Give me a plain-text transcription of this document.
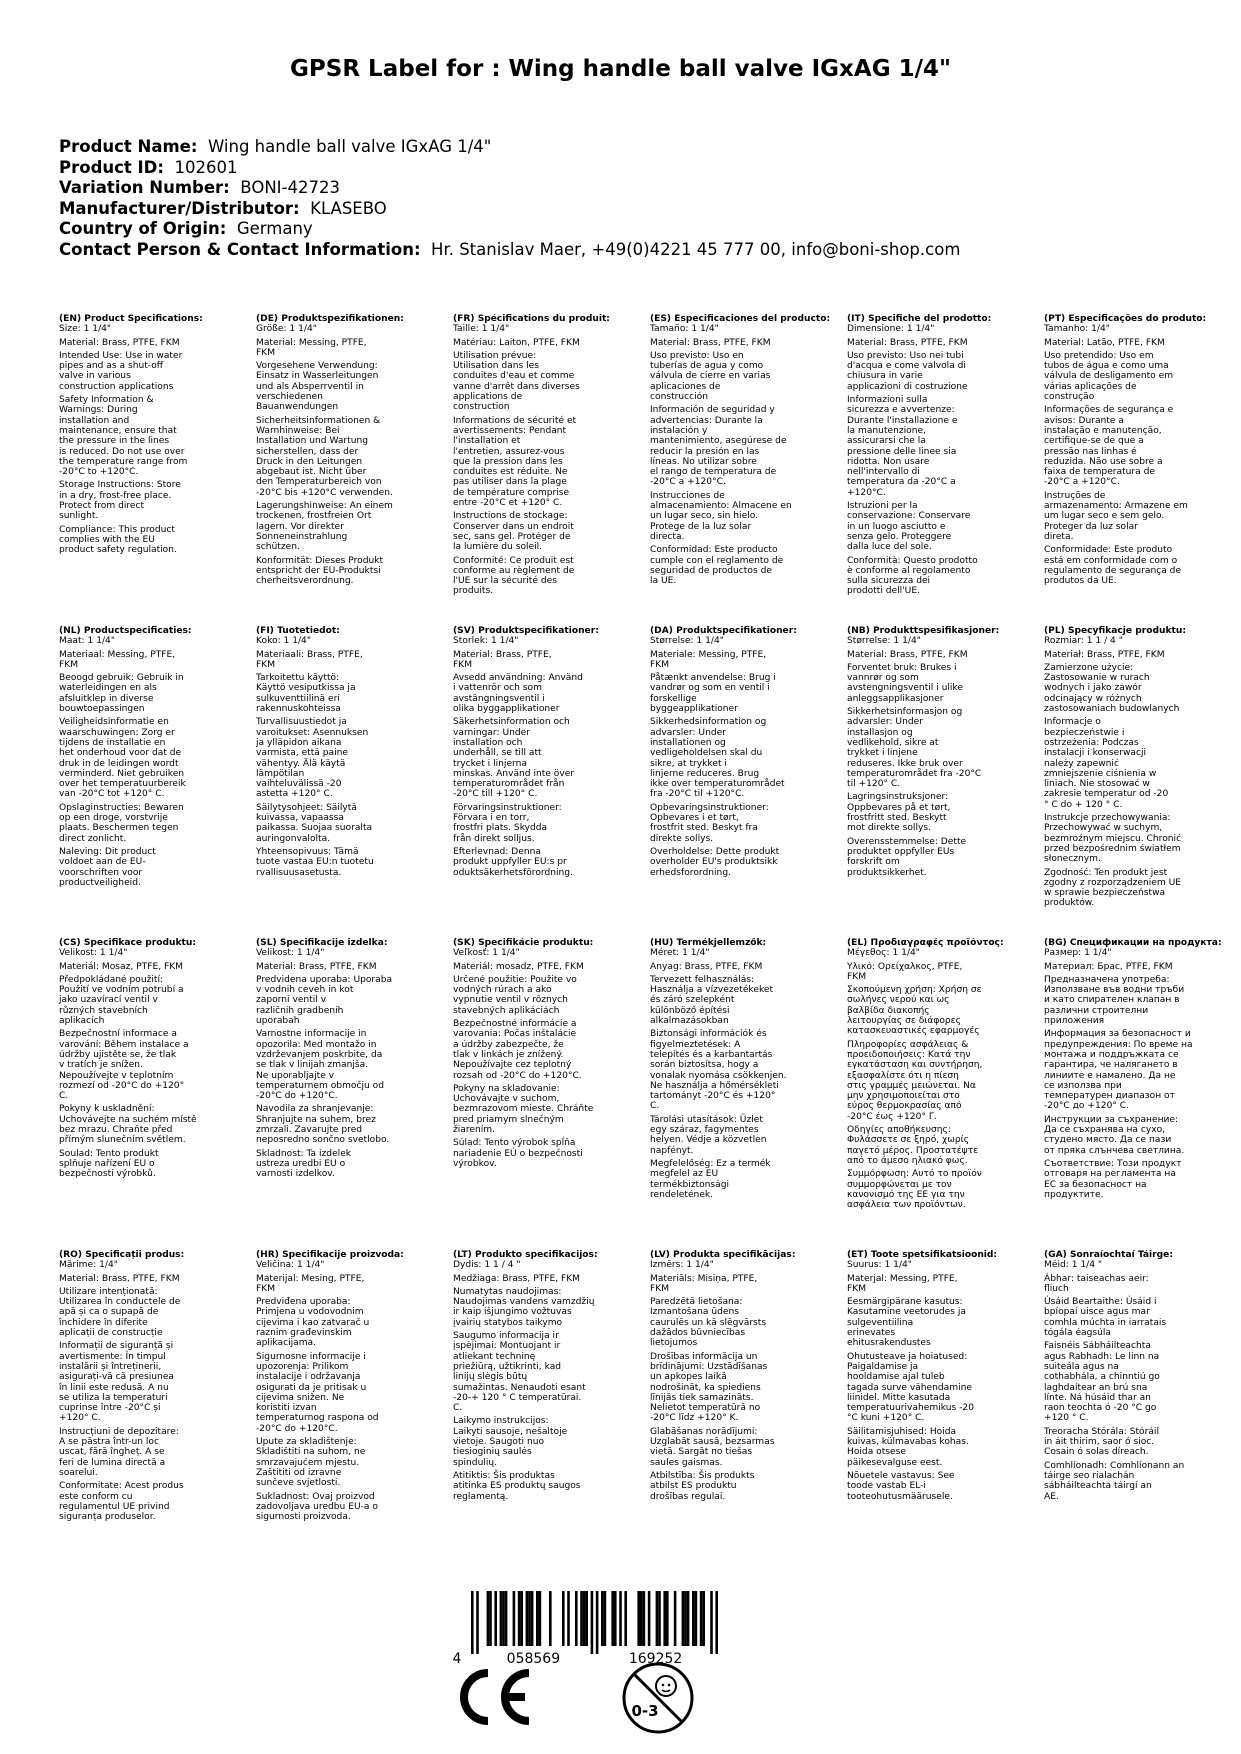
GPSR Label for : Wing handle ball valve IGxAG 1/4"
Product Name: Wing handle ball valve IGxAG 1/4"
Product ID: 102601
Variation Number: BONI-42723
Manufacturer/Distributor: KLASEBO
Country of Origin: Germany
Contact Person & Contact Information: Hr. Stanislav Maer, +49(0)4221 45 777 00, info@boni-shop.com
(EN) Product Specifications:
Size: 1 1/4"
Material: Brass, PTFE, FKM
Intended Use: Use in water
pipes and as a shut-off
valve in various
construction applications
Safety Information &
Warnings: During
installation and
maintenance, ensure that
the pressure in the lines
is reduced. Do not use over
the temperature range from
-20°C to +120°C.
Storage Instructions: Store
in a dry, frost-free place.
Protect from direct
sunlight.
Compliance: This product
complies with the EU
product safety regulation.
(DE) Produktspezifikationen:
Größe: 1 1/4"
Material: Messing, PTFE,
FKM
Vorgesehene Verwendung:
Einsatz in Wasserleitungen
und als Absperrventil in
verschiedenen
Bauanwendungen
Sicherheitsinformationen &
Warnhinweise: Bei
Installation und Wartung
sicherstellen, dass der
Druck in den Leitungen
abgebaut ist. Nicht über
den Temperaturbereich von
-20°C bis +120°C verwenden.
Lagerungshinweise: An einem
trockenen, frostfreien Ort
lagern. Vor direkter
Sonneneinstrahlung
schützen.
Konformität: Dieses Produkt
entspricht der EU-Produktsi
cherheitsverordnung.
(FR) Spécifications du produit:
Taille: 1 1/4"
Matériau: Laiton, PTFE, FKM
Utilisation prévue:
Utilisation dans les
conduites d'eau et comme
vanne d'arrêt dans diverses
applications de
construction
Informations de sécurité et
avertissements: Pendant
l'installation et
l'entretien, assurez-vous
que la pression dans les
conduites est réduite. Ne
pas utiliser dans la plage
de température comprise
entre -20°C et +120° C.
Instructions de stockage:
Conserver dans un endroit
sec, sans gel. Protéger de
la lumière du soleil.
Conformité: Ce produit est
conforme au règlement de
l'UE sur la sécurité des
produits.
(ES) Especificaciones del producto:
Tamaño: 1 1/4"
Material: Brass, PTFE, FKM
Uso previsto: Uso en
tuberías de agua y como
válvula de cierre en varias
aplicaciones de
construcción
Información de seguridad y
advertencias: Durante la
instalación y
mantenimiento, asegúrese de
reducir la presión en las
líneas. No utilizar sobre
el rango de temperatura de
-20°C a +120°C.
Instrucciones de
almacenamiento: Almacene en
un lugar seco, sin hielo.
Protege de la luz solar
directa.
Conformidad: Este producto
cumple con el reglamento de
seguridad de productos de
la UE.
(IT) Specifiche del prodotto:
Dimensione: 1 1/4"
Material: Brass, PTFE, FKM
Uso previsto: Uso nei tubi
d'acqua e come valvola di
chiusura in varie
applicazioni di costruzione
Informazioni sulla
sicurezza e avvertenze:
Durante l'installazione e
la manutenzione,
assicurarsi che la
pressione delle linee sia
ridotta. Non usare
nell'intervallo di
temperatura da -20°C a
+120°C.
Istruzioni per la
conservazione: Conservare
in un luogo asciutto e
senza gelo. Proteggere
dalla luce del sole.
Conformità: Questo prodotto
è conforme al regolamento
sulla sicurezza dei
prodotti dell'UE.
(PT) Especificações do produto:
Tamanho: 1/4"
Material: Latão, PTFE, FKM
Uso pretendido: Uso em
tubos de água e como uma
válvula de desligamento em
várias aplicações de
construção
Informações de segurança e
avisos: Durante a
instalação e manutenção,
certifique-se de que a
pressão nas linhas é
reduzida. Não use sobre a
faixa de temperatura de
-20°C a +120°C.
Instruções de
armazenamento: Armazene em
um lugar seco e sem gelo.
Proteger da luz solar
direta.
Conformidade: Este produto
está em conformidade com o
regulamento de segurança de
produtos da UE.
(NL) Productspecificaties:
Maat: 1 1/4"
Materiaal: Messing, PTFE,
FKM
Beoogd gebruik: Gebruik in
waterleidingen en als
afsluitklep in diverse
bouwtoepassingen
Veiligheidsinformatie en
waarschuwingen: Zorg er
tijdens de installatie en
het onderhoud voor dat de
druk in de leidingen wordt
verminderd. Niet gebruiken
over het temperatuurbereik
van -20°C tot +120° C.
Opslaginstructies: Bewaren
op een droge, vorstvrije
plaats. Beschermen tegen
direct zonlicht.
Naleving: Dit product
voldoet aan de EU-
voorschriften voor
productveiligheid.
(FI) Tuotetiedot:
Koko: 1 1/4"
Materiaali: Brass, PTFE,
FKM
Tarkoitettu käyttö:
Käyttö vesiputkissa ja
sulkuventtiilinä eri
rakennuskohteissa
Turvallisuustiedot ja
varoitukset: Asennuksen
ja ylläpidon aikana
varmista, että paine
vähentyy. Älä käytä
lämpötilan
vaihteluvälissä -20
astetta +120° C.
Säilytysohjeet: Säilytä
kuivassa, vapaassa
paikassa. Suojaa suoralta
auringonvalolta.
Yhteensopivuus: Tämä
tuote vastaa EU:n tuotetu
rvallisuusasetusta.
(SV) Produktspecifikationer:
Storlek: 1 1/4"
Material: Brass, PTFE,
FKM
Avsedd användning: Använd
i vattenrör och som
avstängningsventil i
olika byggapplikationer
Säkerhetsinformation och
varningar: Under
installation och
underhåll, se till att
trycket i linjerna
minskas. Använd inte över
temperaturområdet från
-20°C till +120° C.
Förvaringsinstruktioner:
Förvara i en torr,
frostfri plats. Skydda
från direkt solljus.
Efterlevnad: Denna
produkt uppfyller EU:s pr
oduktsäkerhetsförordning.
(DA) Produktspecifikationer:
Størrelse: 1 1/4"
Materiale: Messing, PTFE,
FKM
Påtænkt anvendelse: Brug i
vandrør og som en ventil i
forskellige
byggeapplikationer
Sikkerhedsinformation og
advarsler: Under
installationen og
vedligeholdelsen skal du
sikre, at trykket i
linjerne reduceres. Brug
ikke over temperaturområdet
fra -20°C til +120°C.
Opbevaringsinstruktioner:
Opbevares i et tørt,
frostfrit sted. Beskyt fra
direkte sollys.
Overholdelse: Dette produkt
overholder EU's produktsikk
erhedsforordning.
(NB) Produkttspesifikasjoner:
Størrelse: 1 1/4"
Material: Brass, PTFE, FKM
Forventet bruk: Brukes i
vannrør og som
avstengningsventil i ulike
anleggsapplikasjoner
Sikkerhetsinformasjon og
advarsler: Under
installasjon og
vedlikehold, sikre at
trykket i linjene
reduseres. Ikke bruk over
temperaturområdet fra -20°C
til +120° C.
Lagringsinstruksjoner:
Oppbevares på et tørt,
frostfritt sted. Beskytt
mot direkte sollys.
Overensstemmelse: Dette
produktet oppfyller EUs
forskrift om
produktsikkerhet.
(PL) Specyfikacje produktu:
Rozmiar: 1 1 / 4 "
Materiał: Brass, PTFE, FKM
Zamierzone użycie:
Zastosowanie w rurach
wodnych i jako zawór
odcinający w różnych
zastosowaniach budowlanych
Informacje o
bezpieczeństwie i
ostrzeżenia: Podczas
instalacji i konserwacji
należy zapewnić
zmniejszenie ciśnienia w
liniach. Nie stosować w
zakresie temperatur od -20
° C do + 120 ° C.
Instrukcje przechowywania:
Przechowywać w suchym,
bezmroźnym miejscu. Chronić
przed bezpośrednim światłem
słonecznym.
Zgodność: Ten produkt jest
zgodny z rozporządzeniem UE
w sprawie bezpieczeństwa
produktów.
(CS) Specifikace produktu:
Velikost: 1 1/4"
Materiál: Mosaz, PTFE, FKM
Předpokládané použití:
Použití ve vodním potrubí a
jako uzavírací ventil v
různých stavebních
aplikacích
Bezpečnostní informace a
varování: Během instalace a
údržby ujistěte se, že tlak
v tratích je snížen.
Nepoužívejte v teplotním
rozmezí od -20°C do +120°
C.
Pokyny k uskladnění:
Uchovávejte na suchém místě
bez mrazu. Chraňte před
přímým slunečním světlem.
Soulad: Tento produkt
splňuje nařízení EU o
bezpečnosti výrobků.
(SL) Specifikacije izdelka:
Velikost: 1 1/4"
Material: Brass, PTFE, FKM
Predvidena uporaba: Uporaba
v vodnih ceveh in kot
zaporni ventil v
različnih gradbenih
uporabah
Varnostne informacije in
opozorila: Med montažo in
vzdrževanjem poskrbite, da
se tlak v linijah zmanjša.
Ne uporabljajte v
temperaturnem območju od
-20°C do +120°C.
Navodila za shranjevanje:
Shranjujte na suhem, brez
zmrzali. Zavarujte pred
neposredno sončno svetlobo.
Skladnost: Ta izdelek
ustreza uredbi EU o
varnosti izdelkov.
(SK) Špecifikácie produktu:
Veľkosť: 1 1/4"
Materiál: mosadz, PTFE, FKM
Určené použitie: Použite vo
vodných rúrach a ako
vypnutie ventil v rôznych
stavebných aplikáciách
Bezpečnostné informácie a
varovania: Počas inštalácie
a údržby zabezpečte, že
tlak v linkách je znížený.
Nepoužívajte cez teplotný
rozsah od -20°C do +120°C.
Pokyny na skladovanie:
Uchovávajte v suchom,
bezmrazovom mieste. Chráňte
pred priamym slnečným
žiarením.
Súlad: Tento výrobok spĺňa
nariadenie EÚ o bezpečnosti
výrobkov.
(HU) Termékjellemzők:
Méret: 1 1/4"
Anyag: Brass, PTFE, FKM
Tervezett felhasználás:
Használja a vízvezetékeket
és záró szelepként
különböző építési
alkalmazásokban
Biztonsági információk és
figyelmeztetések: A
telepítés és a karbantartás
során biztosítsa, hogy a
vonalak nyomása csökkenjen.
Ne használja a hőmérsékleti
tartományt -20°C és +120°
C.
Tárolási utasítások: Üzlet
egy száraz, fagymentes
helyen. Védje a közvetlen
napfényt.
Megfelelőség: Ez a termék
megfelel az EU
termékbiztonsági
rendeletének.
(EL) Προδιαγραφές προϊόντος:
Μέγεθος: 1 1/4"
Υλικό: Ορείχαλκος, PTFE,
FKM
Σκοπούμενη χρήση: Χρήση σε
σωλήνες νερού και ως
βαλβίδα διακοπής
λειτουργίας σε διάφορες
κατασκευαστικές εφαρμογές
Πληροφορίες ασφάλειας &
προειδοποιήσεις: Κατά την
εγκατάσταση και συντήρηση,
εξασφαλίστε ότι η πίεση
στις γραμμές μειώνεται. Να
μην χρησιμοποιείται στο
εύρος θερμοκρασίας από
-20°C έως +120° Γ.
Οδηγίες αποθήκευσης:
Φυλάσσετε σε ξηρό, χωρίς
παγετό μέρος. Προστατέψτε
από το άμεσο ηλιακό φως.
Συμμόρφωση: Αυτό το προϊόν
συμμορφώνεται με τον
κανονισμό της ΕΕ για την
ασφάλεια των προϊόντων.
(BG) Спецификации на продукта:
Размер: 1 1/4"
Материал: Брас, PTFE, FKM
Предназначена употреба:
Използване във водни тръби
и като спирателен клапан в
различни строителни
приложения
Информация за безопасност и
предупреждения: По време на
монтажа и поддръжката се
гарантира, че налягането в
линиите е намалено. Да не
се използва при
температурен диапазон от
-20°C до +120° C.
Инструкции за съхранение:
Да се съхранява на сухо,
студено място. Да се пази
от пряка слънчева светлина.
Съответствие: Този продукт
отговаря на регламента на
ЕС за безопасност на
продуктите.
(RO) Specificații produs:
Mărime: 1/4"
Material: Brass, PTFE, FKM
Utilizare intenționată:
Utilizarea în conductele de
apă și ca o supapă de
închidere în diferite
aplicații de construcție
Informații de siguranță și
avertismente: În timpul
instalării și întreținerii,
asigurați-vă că presiunea
în linii este redusă. A nu
se utiliza la temperaturi
cuprinse între -20°C și
+120° C.
Instrucțiuni de depozitare:
A se păstra într-un loc
uscat, fără îngheț. A se
feri de lumina directă a
soarelui.
Conformitate: Acest produs
este conform cu
regulamentul UE privind
siguranța produselor.
(HR) Specifikacije proizvoda:
Veličina: 1 1/4"
Materijal: Mesing, PTFE,
FKM
Predviđena uporaba:
Primjena u vodovodnim
cijevima i kao zatvarač u
raznim građevinskim
aplikacijama.
Sigurnosne informacije i
upozorenja: Prilikom
instalacije i održavanja
osigurati da je pritisak u
cijevima snižen. Ne
koristiti izvan
temperaturnog raspona od
-20°C do +120°C.
Upute za skladištenje:
Skladištiti na suhom, ne
smrzavajućem mjestu.
Zaštititi od izravne
sunčeve svjetlosti.
Sukladnost: Ovaj proizvod
zadovoljava uredbu EU-a o
sigurnosti proizvoda.
(LT) Produkto specifikacijos:
Dydis: 1 1 / 4 "
Medžiaga: Brass, PTFE, FKM
Numatytas naudojimas:
Naudojimas vandens vamzdžių
ir kaip išjungimo vožtuvas
įvairių statybos taikymo
Saugumo informacija ir
įspėjimai: Montuojant ir
atliekant techninę
priežiūrą, užtikrinti, kad
linijų slėgis būtų
sumažintas. Nenaudoti esant
-20-+ 120 ° C temperatūrai.
C.
Laikymo instrukcijos:
Laikyti sausoje, nešaltoje
vietoje. Saugoti nuo
tiesioginių saulės
spindulių.
Atitiktis: Šis produktas
atitinka ES produktų saugos
reglamentą.
(LV) Produkta specifikācijas:
Izmērs: 1 1/4"
Materiāls: Misiņa, PTFE,
FKM
Paredzētā lietošana:
Izmantošana ūdens
caurulēs un kā slēgvārsts
dažādos būvniecības
lietojumos
Drošības informācija un
brīdinājumi: Uzstādīšanas
un apkopes laikā
nodrošināt, ka spiediens
līnijās tiek samazināts.
Nelietot temperatūrā no
-20°C līdz +120° K.
Glabāšanas norādījumi:
Uzglabāt sausā, bezsarmas
vietā. Sargāt no tiešas
saules gaismas.
Atbilstība: Šis produkts
atbilst ES produktu
drošības regulai.
(ET) Toote spetsifikatsioonid:
Suurus: 1 1/4"
Materjal: Messing, PTFE,
FKM
Eesmärgipärane kasutus:
Kasutamine veetorudes ja
sulgeventiilina
erinevates
ehitusrakendustes
Ohutusteave ja hoiatused:
Paigaldamise ja
hooldamise ajal tuleb
tagada surve vähendamine
liinidel. Mitte kasutada
temperatuurivahemikus -20
°C kuni +120° C.
Säilitamisjuhised: Hoida
kuivas, külmavabas kohas.
Hoida otsese
päikesevalguse eest.
Nõuetele vastavus: See
toode vastab EL-i
tooteohutusmäärusele.
(GA) Sonraíochtaí Táirge:
Méid: 1 1/4 "
Ábhar: taiseachas aeir:
fliuch
Úsáid Beartaithe: Úsáid i
bpíopaí uisce agus mar
comhla múchta in iarratais
tógála éagsúla
Faisnéis Sábháilteachta
agus Rabhadh: Le linn na
suiteála agus na
cothabhála, a chinntiú go
laghdaítear an brú sna
línte. Ná húsáid thar an
raon teochta ó -20 °C go
+120 ° C.
Treoracha Stórála: Stóráil
in áit thirim, saor ó sioc.
Cosain ó solas díreach.
Comhlíonadh: Comhlíonann an
táirge seo rialachán
sábháilteachta táirgí an
AE.
4	058569	169252
0-3
